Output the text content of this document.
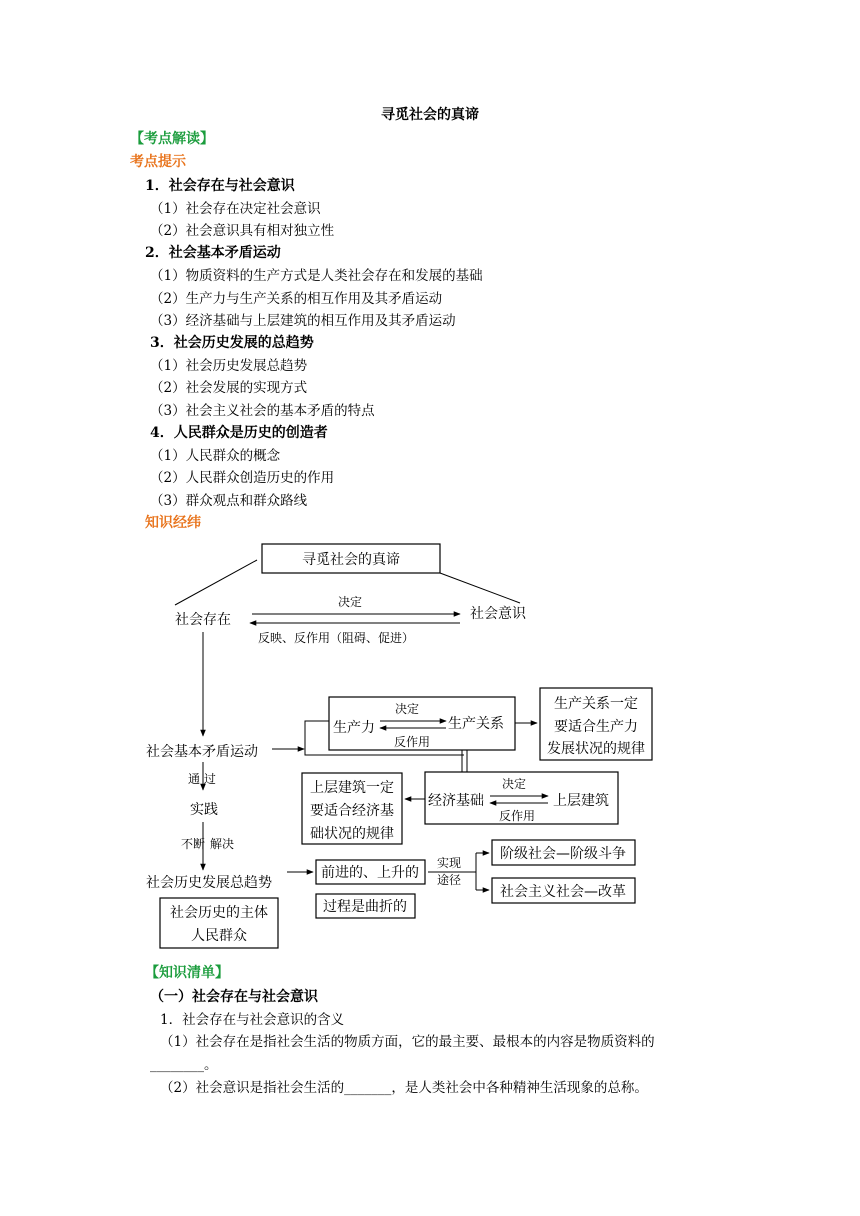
寻觅社会的真谛
【考点解读】
考点提示
1．社会存在与社会意识
（1）社会存在决定社会意识
（2）社会意识具有相对独立性
2．社会基本矛盾运动
（1）物质资料的生产方式是人类社会存在和发展的基础
（2）生产力与生产关系的相互作用及其矛盾运动
（3）经济基础与上层建筑的相互作用及其矛盾运动
3．社会历史发展的总趋势
（1）社会历史发展总趋势
（2）社会发展的实现方式
（3）社会主义社会的基本矛盾的特点
4．人民群众是历史的创造者
（1）人民群众的概念
（2）人民群众创造历史的作用
（3）群众观点和群众路线
知识经纬
寻觅社会的真谛
社会存在	社会意识
决定
反映、反作用（阻碍、促进）
社会基本矛盾运动
生产力	生产关系
决定
反作用
生产关系一定
要适合生产力
发展状况的规律
上层建筑一定
要适合经济基
础状况的规律
经济基础	上层建筑
决定
反作用
通 过
实践
不断 解决
社会历史发展总趋势
前进的、上升的
过程是曲折的
实现
途径
阶级社会—阶级斗争
社会主义社会—改革
社会历史的主体
人民群众
【知识清单】
（一）社会存在与社会意识
1．社会存在与社会意识的含义
（1）社会存在是指社会生活的物质方面，它的最主要、最根本的内容是物质资料的
________。
（2）社会意识是指社会生活的_______，是人类社会中各种精神生活现象的总称。
